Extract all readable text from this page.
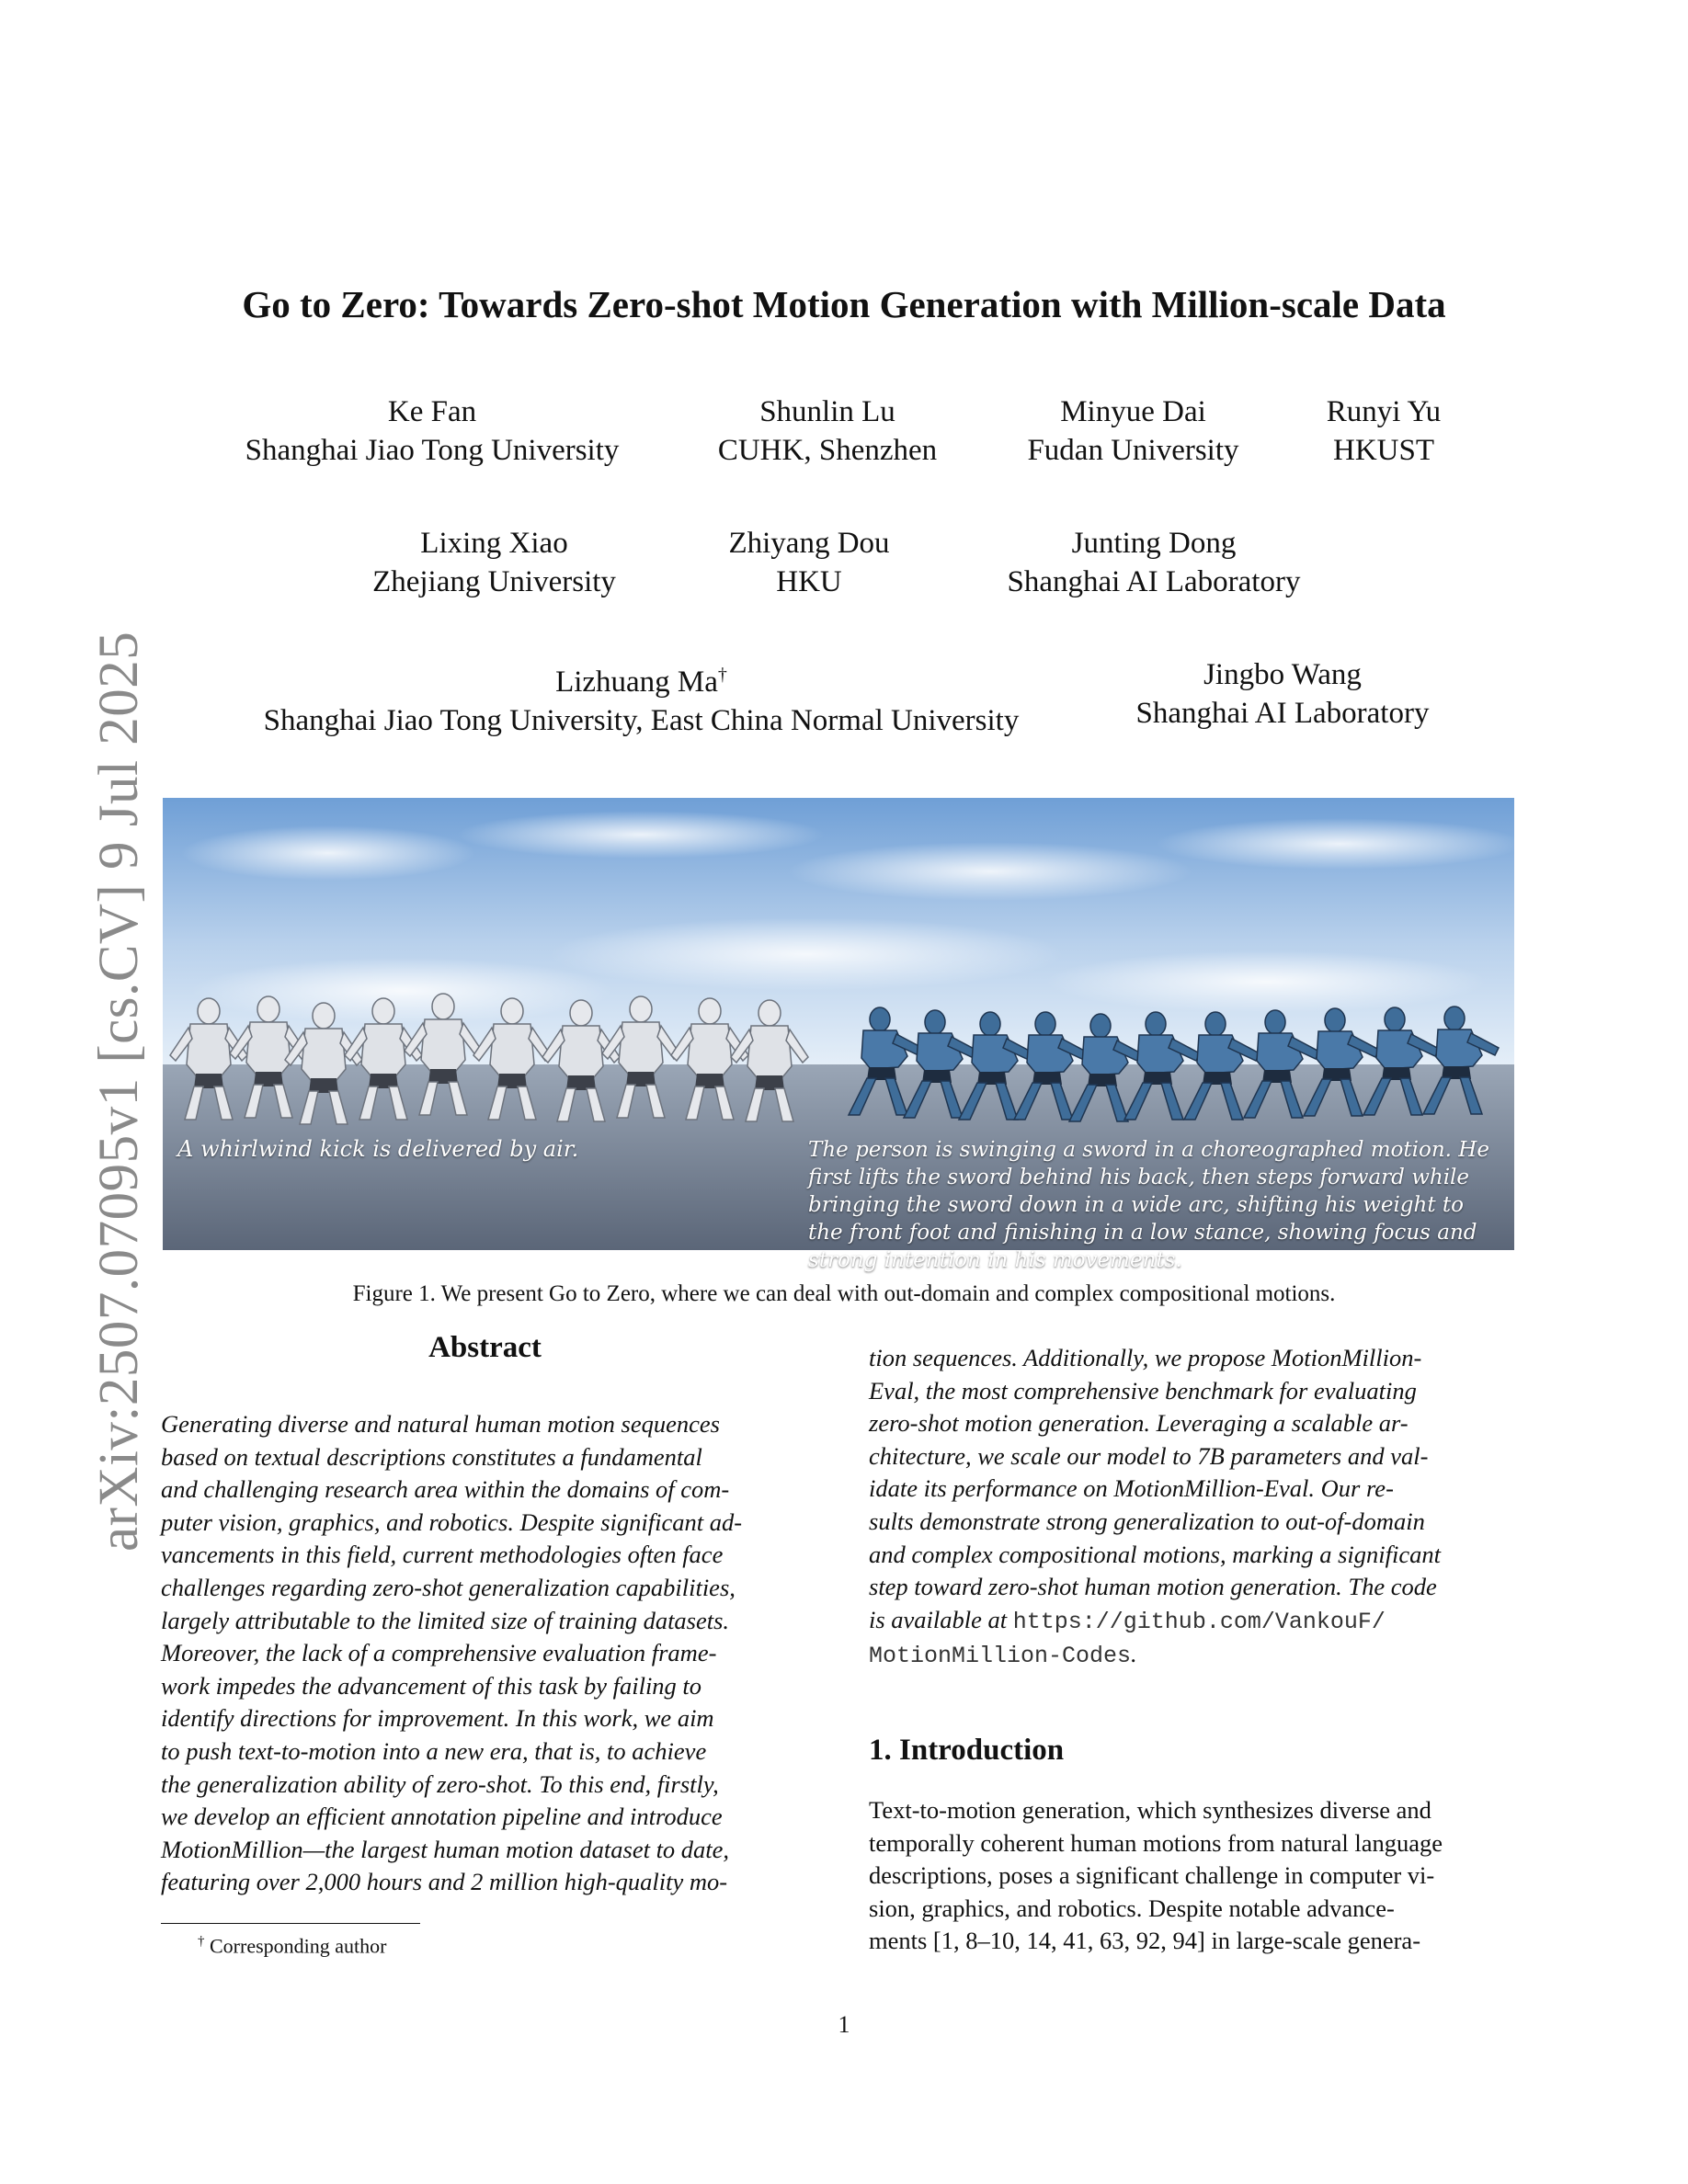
arXiv:2507.07095v1 [cs.CV] 9 Jul 2025
Go to Zero: Towards Zero-shot Motion Generation with Million-scale Data
Ke Fan
Shanghai Jiao Tong University
Shunlin Lu
CUHK, Shenzhen
Minyue Dai
Fudan University
Runyi Yu
HKUST
Lixing Xiao
Zhejiang University
Zhiyang Dou
HKU
Junting Dong
Shanghai AI Laboratory
Lizhuang Ma†
Shanghai Jiao Tong University, East China Normal University
Jingbo Wang
Shanghai AI Laboratory
A whirlwind kick is delivered by air.	The person is swinging a sword in a choreographed motion. He first lifts the sword behind his back, then steps forward while bringing the sword down in a wide arc, shifting his weight to the front foot and finishing in a low stance, showing focus and strong intention in his movements.
Figure 1. We present Go to Zero, where we can deal with out-domain and complex compositional motions.
Abstract
Generating diverse and natural human motion sequences
based on textual descriptions constitutes a fundamental
and challenging research area within the domains of com-
puter vision, graphics, and robotics. Despite significant ad-
vancements in this field, current methodologies often face
challenges regarding zero-shot generalization capabilities,
largely attributable to the limited size of training datasets.
Moreover, the lack of a comprehensive evaluation frame-
work impedes the advancement of this task by failing to
identify directions for improvement. In this work, we aim
to push text-to-motion into a new era, that is, to achieve
the generalization ability of zero-shot. To this end, firstly,
we develop an efficient annotation pipeline and introduce
MotionMillion—the largest human motion dataset to date,
featuring over 2,000 hours and 2 million high-quality mo-
tion sequences. Additionally, we propose MotionMillion-
Eval, the most comprehensive benchmark for evaluating
zero-shot motion generation. Leveraging a scalable ar-
chitecture, we scale our model to 7B parameters and val-
idate its performance on MotionMillion-Eval. Our re-
sults demonstrate strong generalization to out-of-domain
and complex compositional motions, marking a significant
step toward zero-shot human motion generation. The code
is available at https://github.com/VankouF/
MotionMillion-Codes.
1. Introduction
Text-to-motion generation, which synthesizes diverse and
temporally coherent human motions from natural language
descriptions, poses a significant challenge in computer vi-
sion, graphics, and robotics. Despite notable advance-
ments [1, 8–10, 14, 41, 63, 92, 94] in large-scale genera-
† Corresponding author
1
